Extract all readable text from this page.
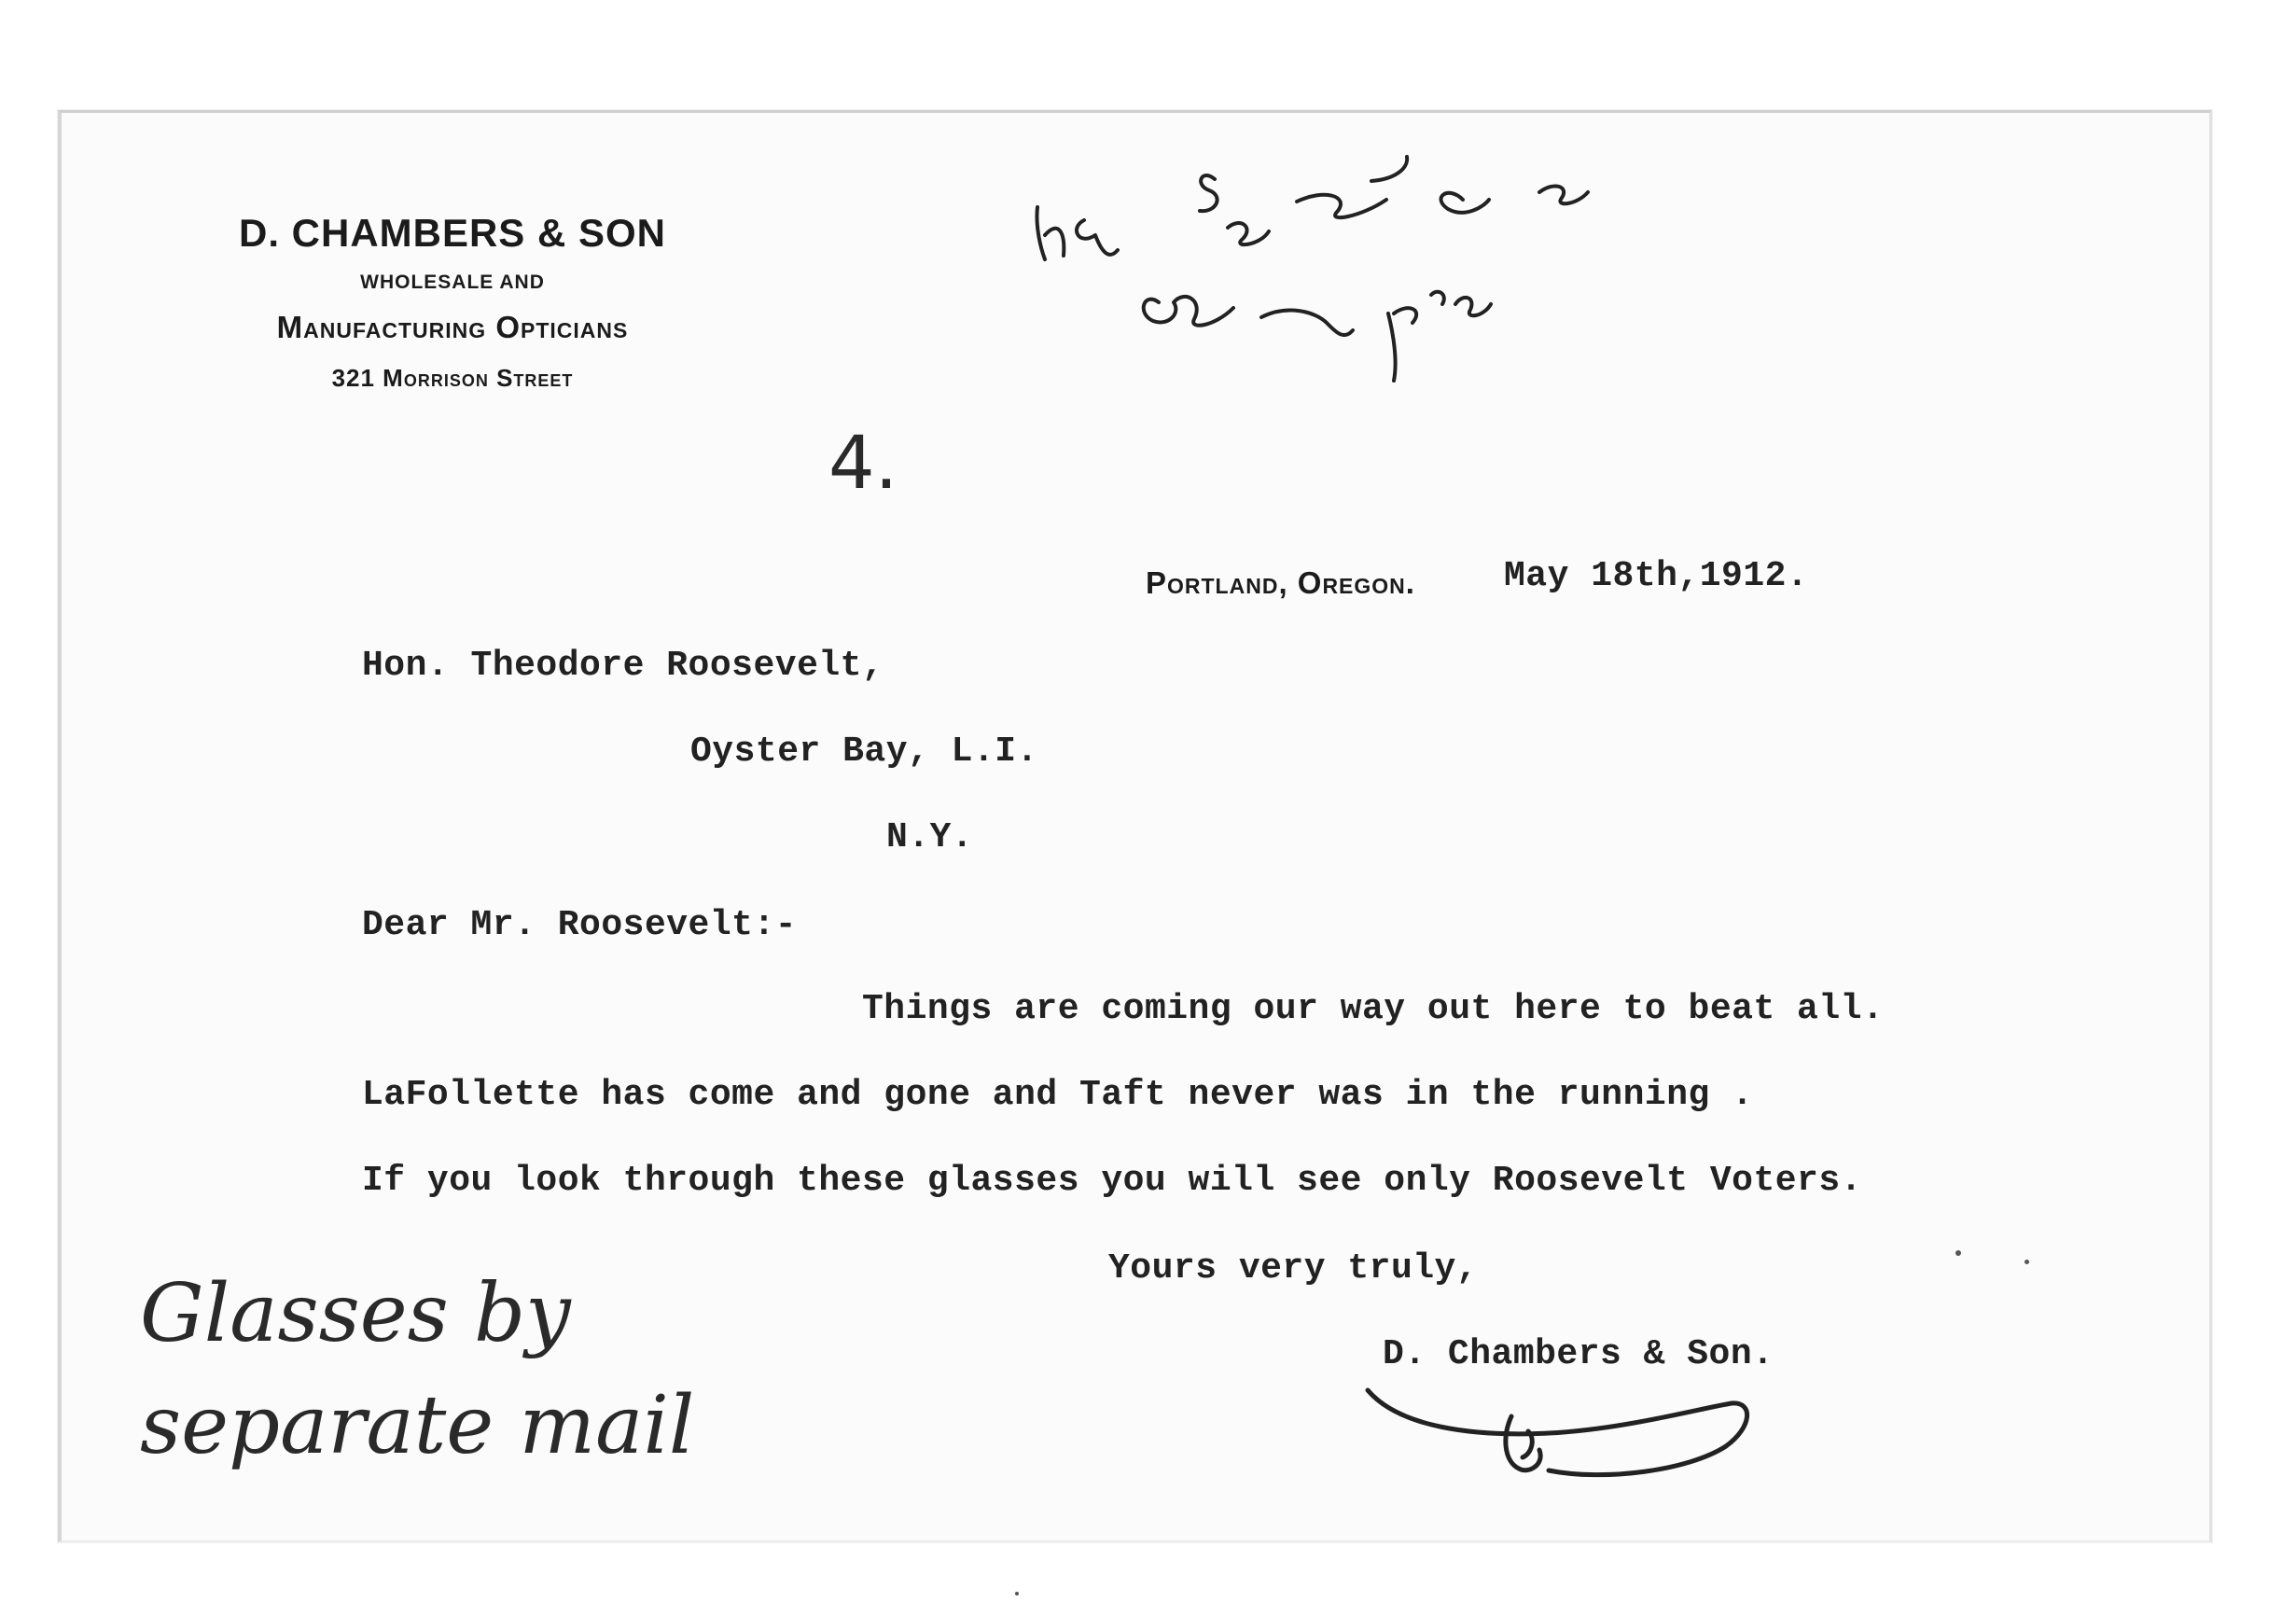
D. CHAMBERS & SON
WHOLESALE AND
Manufacturing Opticians
321 Morrison Street
4.
Portland, Oregon.	May 18th,1912.
Hon. Theodore Roosevelt,
Oyster Bay, L.I.
N.Y.
Dear Mr. Roosevelt:-
Things are coming our way out here to beat all.
LaFollette has come and gone and Taft never was in the running .
If you look through these glasses you will see only Roosevelt Voters.
Yours very truly,
D. Chambers & Son.
Glasses by
separate mail
